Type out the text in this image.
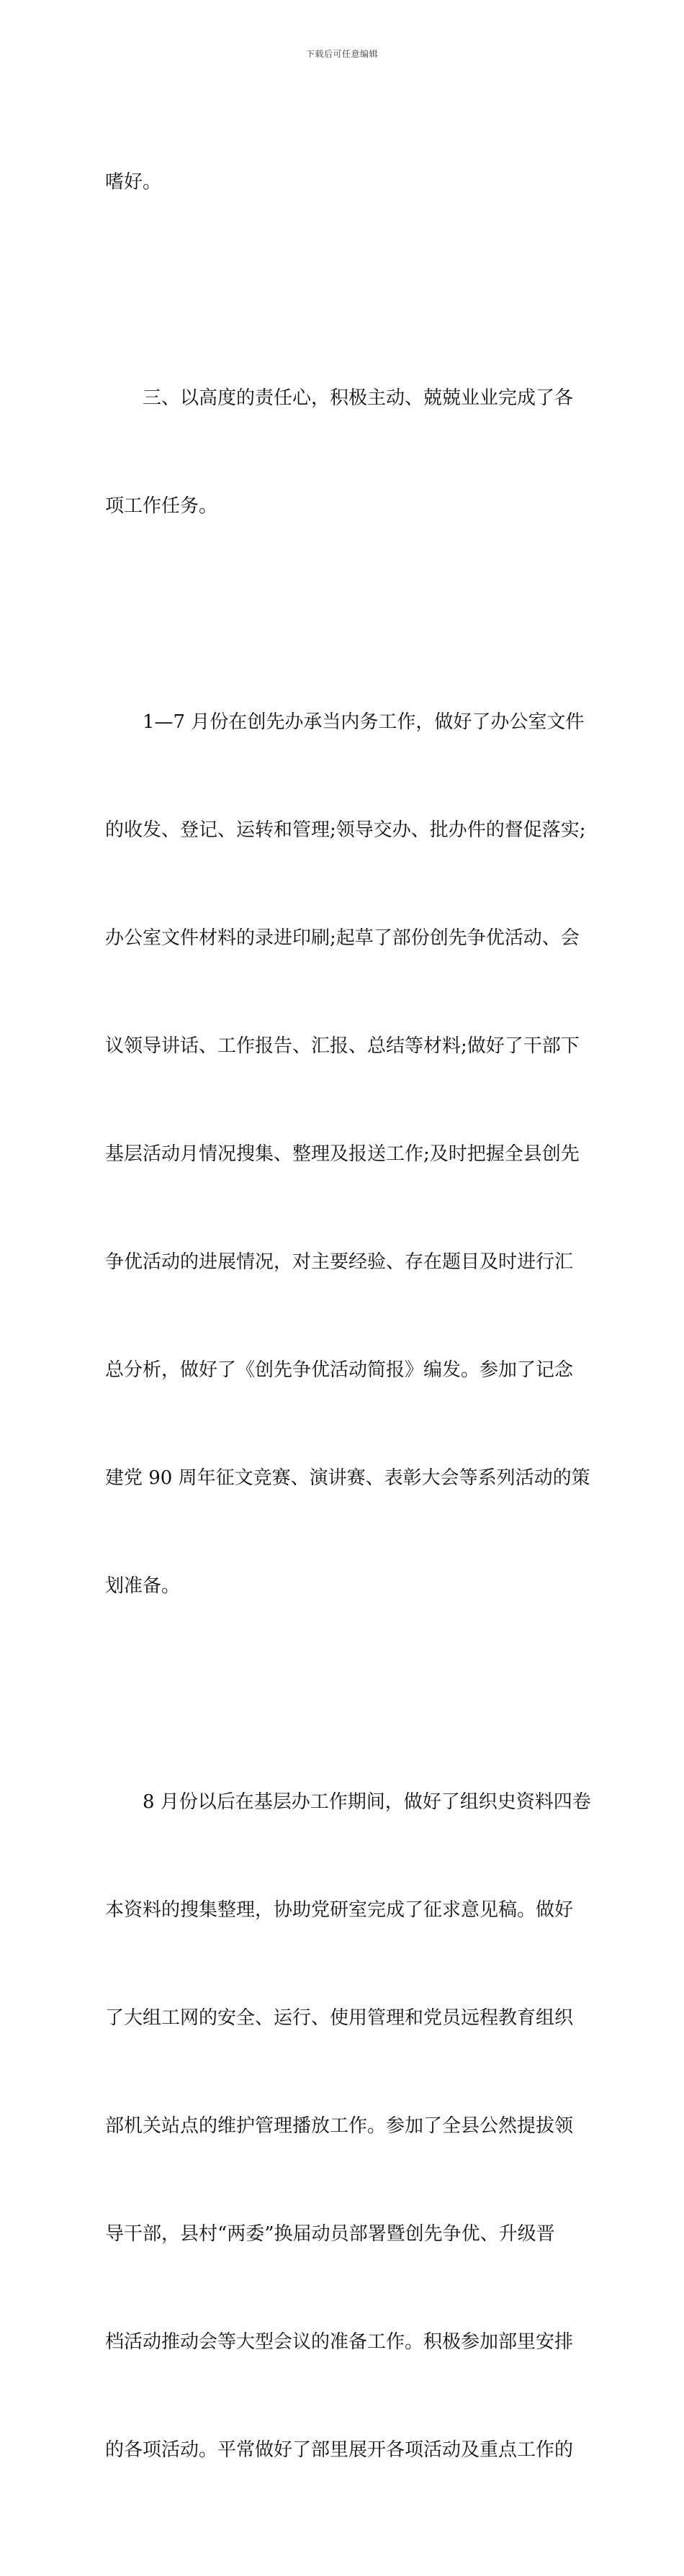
下载后可任意编辑

嗜好。

　　三、以高度的责任心，积极主动、兢兢业业完成了各

项工作任务。

　　1—7 月份在创先办承当内务工作，做好了办公室文件

的收发、登记、运转和管理;领导交办、批办件的督促落实;

办公室文件材料的录进印刷;起草了部份创先争优活动、会

议领导讲话、工作报告、汇报、总结等材料;做好了干部下

基层活动月情况搜集、整理及报送工作;及时把握全县创先

争优活动的进展情况，对主要经验、存在题目及时进行汇

总分析，做好了《创先争优活动简报》编发。参加了记念

建党 90 周年征文竞赛、演讲赛、表彰大会等系列活动的策

划准备。

　　8 月份以后在基层办工作期间，做好了组织史资料四卷

本资料的搜集整理，协助党研室完成了征求意见稿。做好

了大组工网的安全、运行、使用管理和党员远程教育组织

部机关站点的维护管理播放工作。参加了全县公然提拔领

导干部，县村“两委”换届动员部署暨创先争优、升级晋

档活动推动会等大型会议的准备工作。积极参加部里安排

的各项活动。平常做好了部里展开各项活动及重点工作的
